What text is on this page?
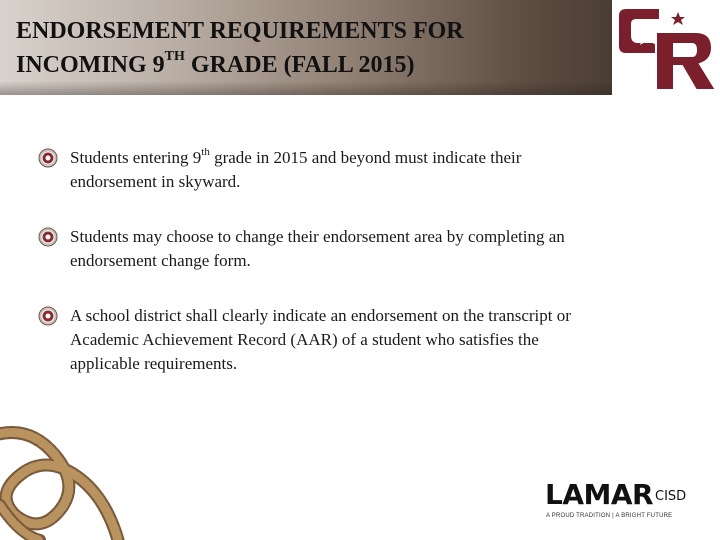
ENDORSEMENT REQUIREMENTS FOR
INCOMING 9TH GRADE (FALL 2015)
Students entering 9th grade in 2015 and beyond must indicate their endorsement in skyward.
Students may choose to change their endorsement area by completing an endorsement change form.
A school district shall clearly indicate an endorsement on the transcript or Academic Achievement Record (AAR) of a student who satisfies the applicable requirements.
LAMAR CISD
A PROUD TRADITION | A BRIGHT FUTURE
